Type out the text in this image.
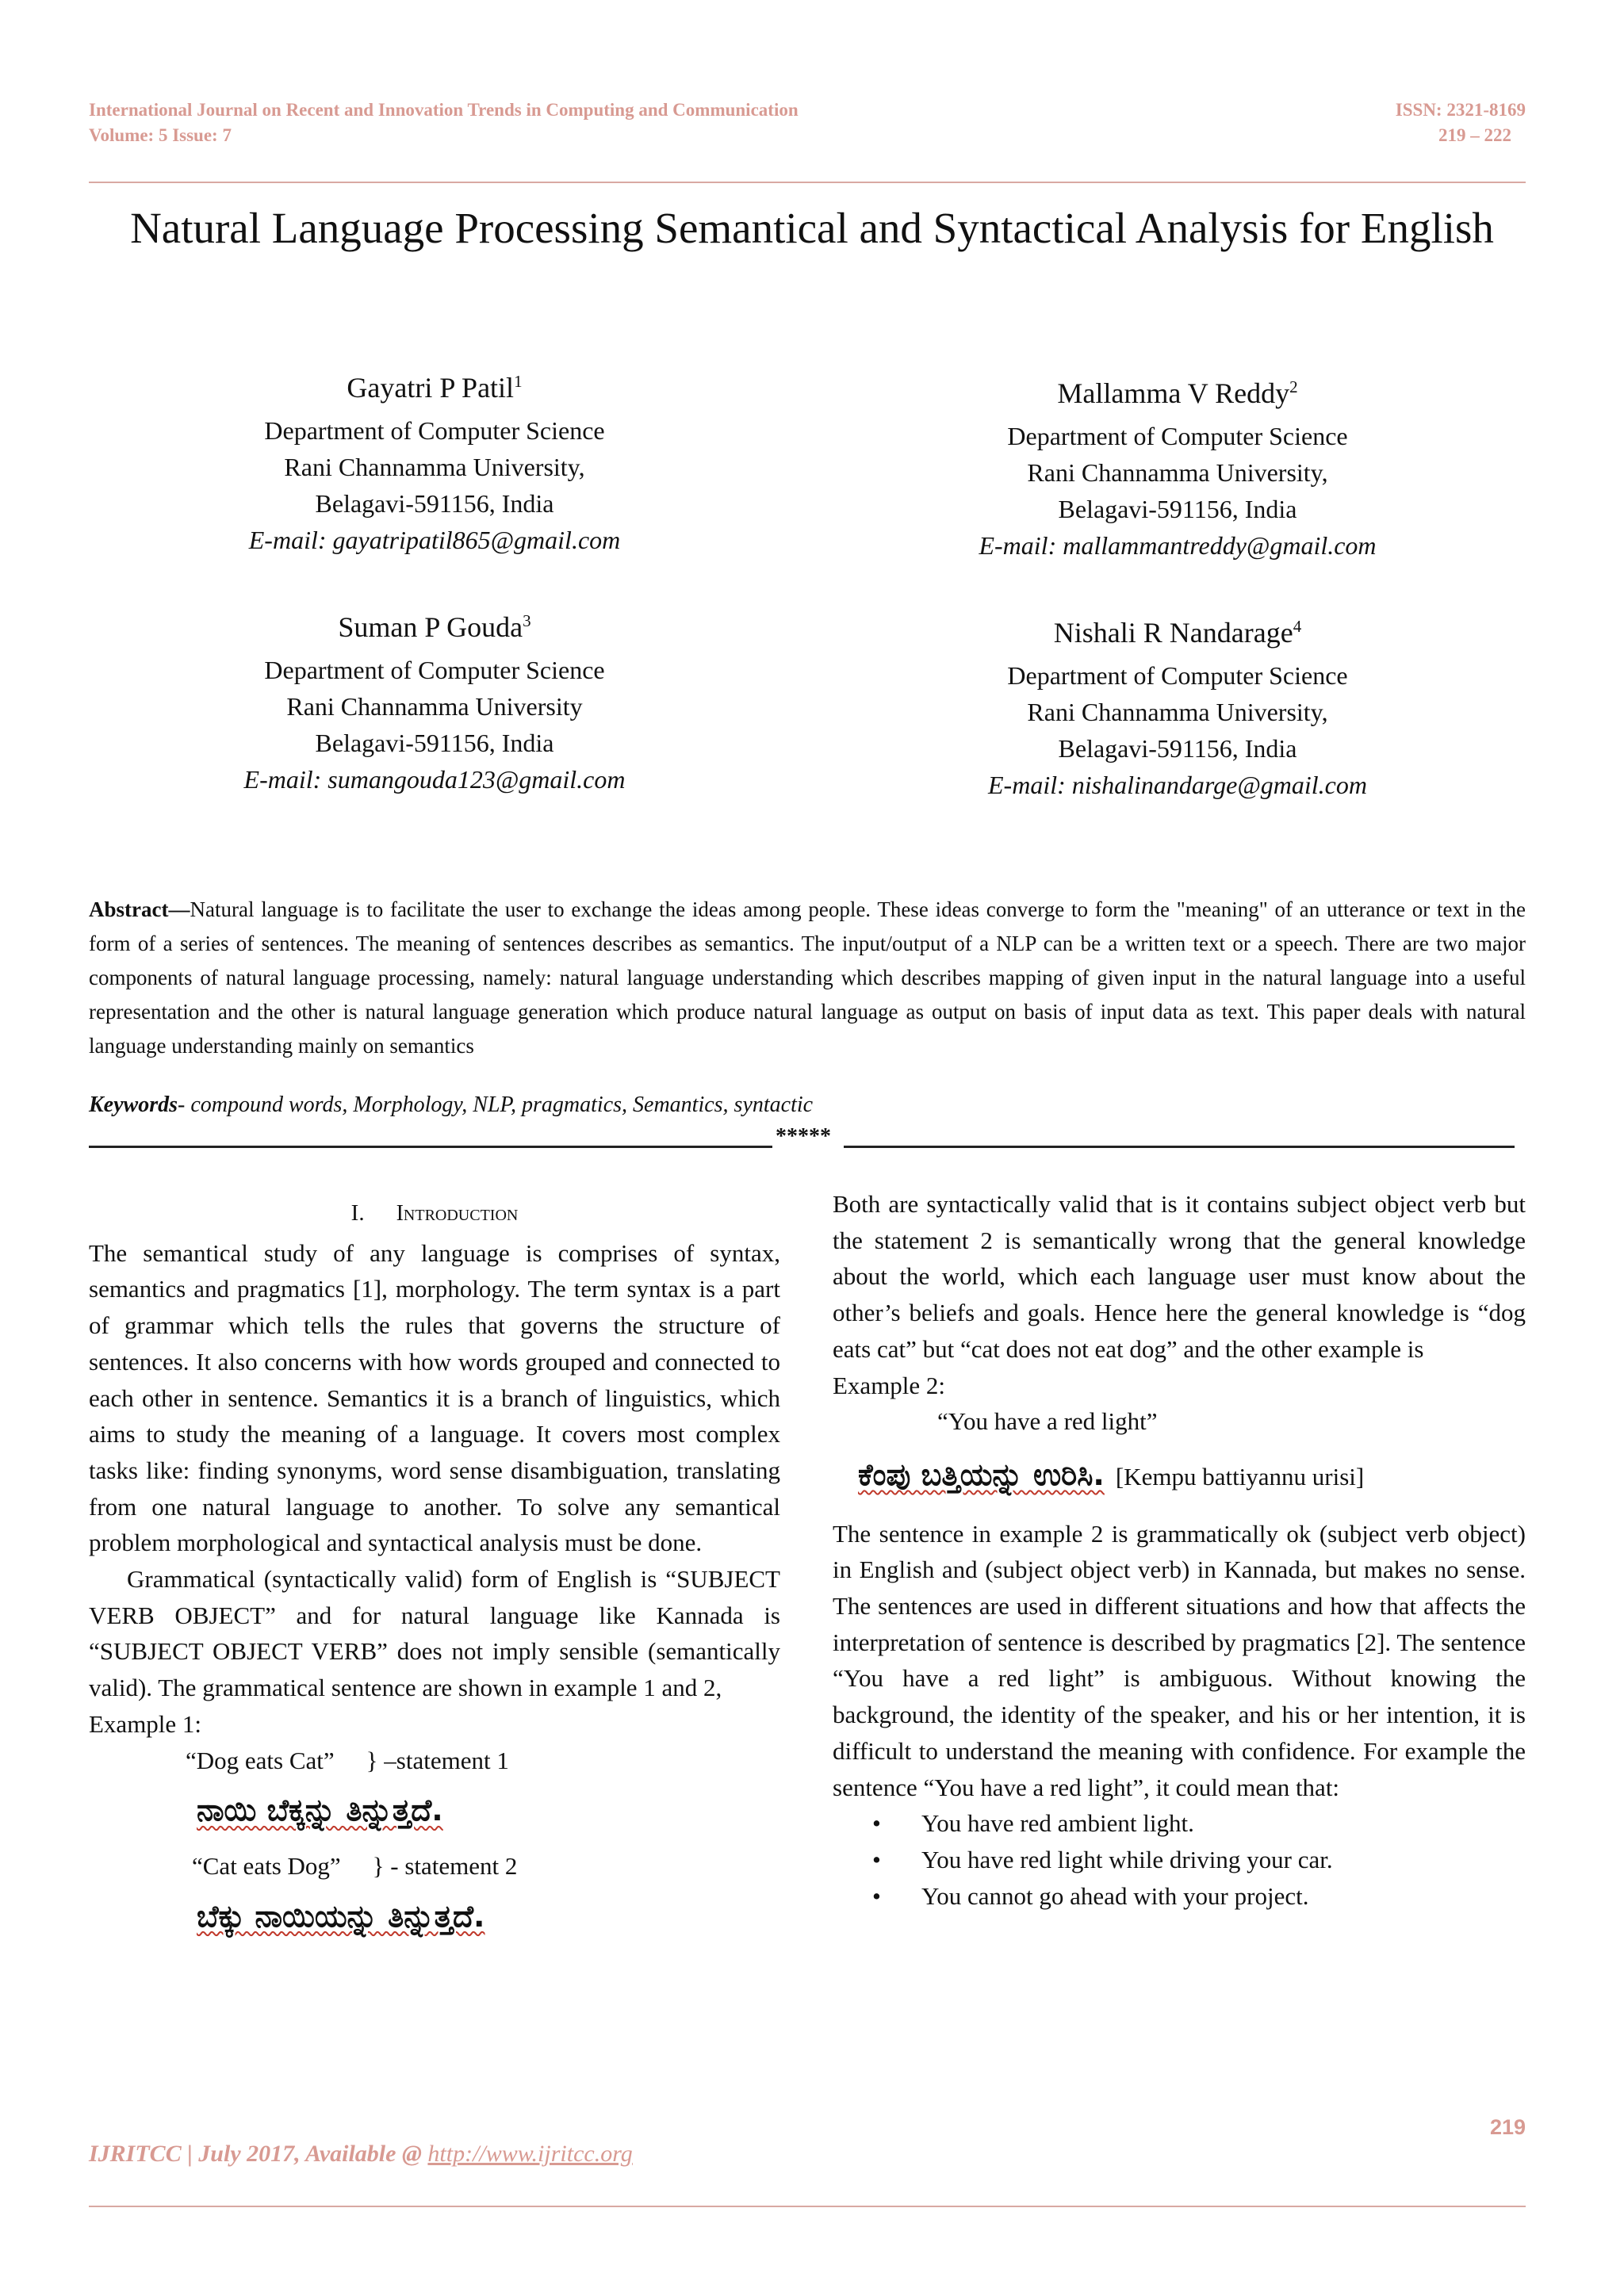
International Journal on Recent and Innovation Trends in Computing and Communication	ISSN: 2321-8169
Volume: 5 Issue: 7	219 – 222
Natural Language Processing Semantical and Syntactical Analysis for English
Gayatri P Patil$^1$
Department of Computer Science
Rani Channamma University,
Belagavi-591156, India
E-mail: gayatripatil865@gmail.com
Mallamma V Reddy$^2$
Department of Computer Science
Rani Channamma University,
Belagavi-591156, India
E-mail: mallammantreddy@gmail.com
Suman P Gouda$^3$
Department of Computer Science
Rani Channamma University
Belagavi-591156, India
E-mail: sumangouda123@gmail.com
Nishali R Nandarage$^4$
Department of Computer Science
Rani Channamma University,
Belagavi-591156, India
E-mail: nishalinandarge@gmail.com
Abstract—Natural language is to facilitate the user to exchange the ideas among people. These ideas converge to form the "meaning" of an utterance or text in the form of a series of sentences. The meaning of sentences describes as semantics. The input/output of a NLP can be a written text or a speech. There are two major components of natural language processing, namely: natural language understanding which describes mapping of given input in the natural language into a useful representation and the other is natural language generation which produce natural language as output on basis of input data as text. This paper deals with natural language understanding mainly on semantics
Keywords- compound words, Morphology, NLP, pragmatics, Semantics, syntactic
*****
I. Introduction

The semantical study of any language is comprises of syntax, semantics and pragmatics [1], morphology. The term syntax is a part of grammar which tells the rules that governs the structure of sentences. It also concerns with how words grouped and connected to each other in sentence. Semantics it is a branch of linguistics, which aims to study the meaning of a language. It covers most complex tasks like: finding synonyms, word sense disambiguation, translating from one natural language to another. To solve any semantical problem morphological and syntactical analysis must be done.

Grammatical (syntactically valid) form of English is “SUBJECT VERB OBJECT” and for natural language like Kannada is “SUBJECT OBJECT VERB” does not imply sensible (semantically valid). The grammatical sentence are shown in example 1 and 2,

Example 1:
“Dog eats Cat” } –statement 1
ನಾಯಿ ಬೆಕ್ಕನ್ನು ತಿನ್ನುತ್ತದೆ.
“Cat eats Dog” } - statement 2
ಬೆಕ್ಕು ನಾಯಿಯನ್ನು ತಿನ್ನುತ್ತದೆ.

Both are syntactically valid that is it contains subject object verb but the statement 2 is semantically wrong that the general knowledge about the world, which each language user must know about the other’s beliefs and goals. Hence here the general knowledge is “dog eats cat” but “cat does not eat dog” and the other example is

Example 2:
“You have a red light”
ಕೆಂಪು ಬತ್ತಿಯನ್ನು ಉರಿಸಿ. [Kempu battiyannu urisi]

The sentence in example 2 is grammatically ok (subject verb object) in English and (subject object verb) in Kannada, but makes no sense. The sentences are used in different situations and how that affects the interpretation of sentence is described by pragmatics [2]. The sentence “You have a red light” is ambiguous. Without knowing the background, the identity of the speaker, and his or her intention, it is difficult to understand the meaning with confidence. For example the sentence “You have a red light”, it could mean that:

• You have red ambient light.
• You have red light while driving your car.
• You cannot go ahead with your project.
219
IJRITCC | July 2017, Available @ http://www.ijritcc.org
